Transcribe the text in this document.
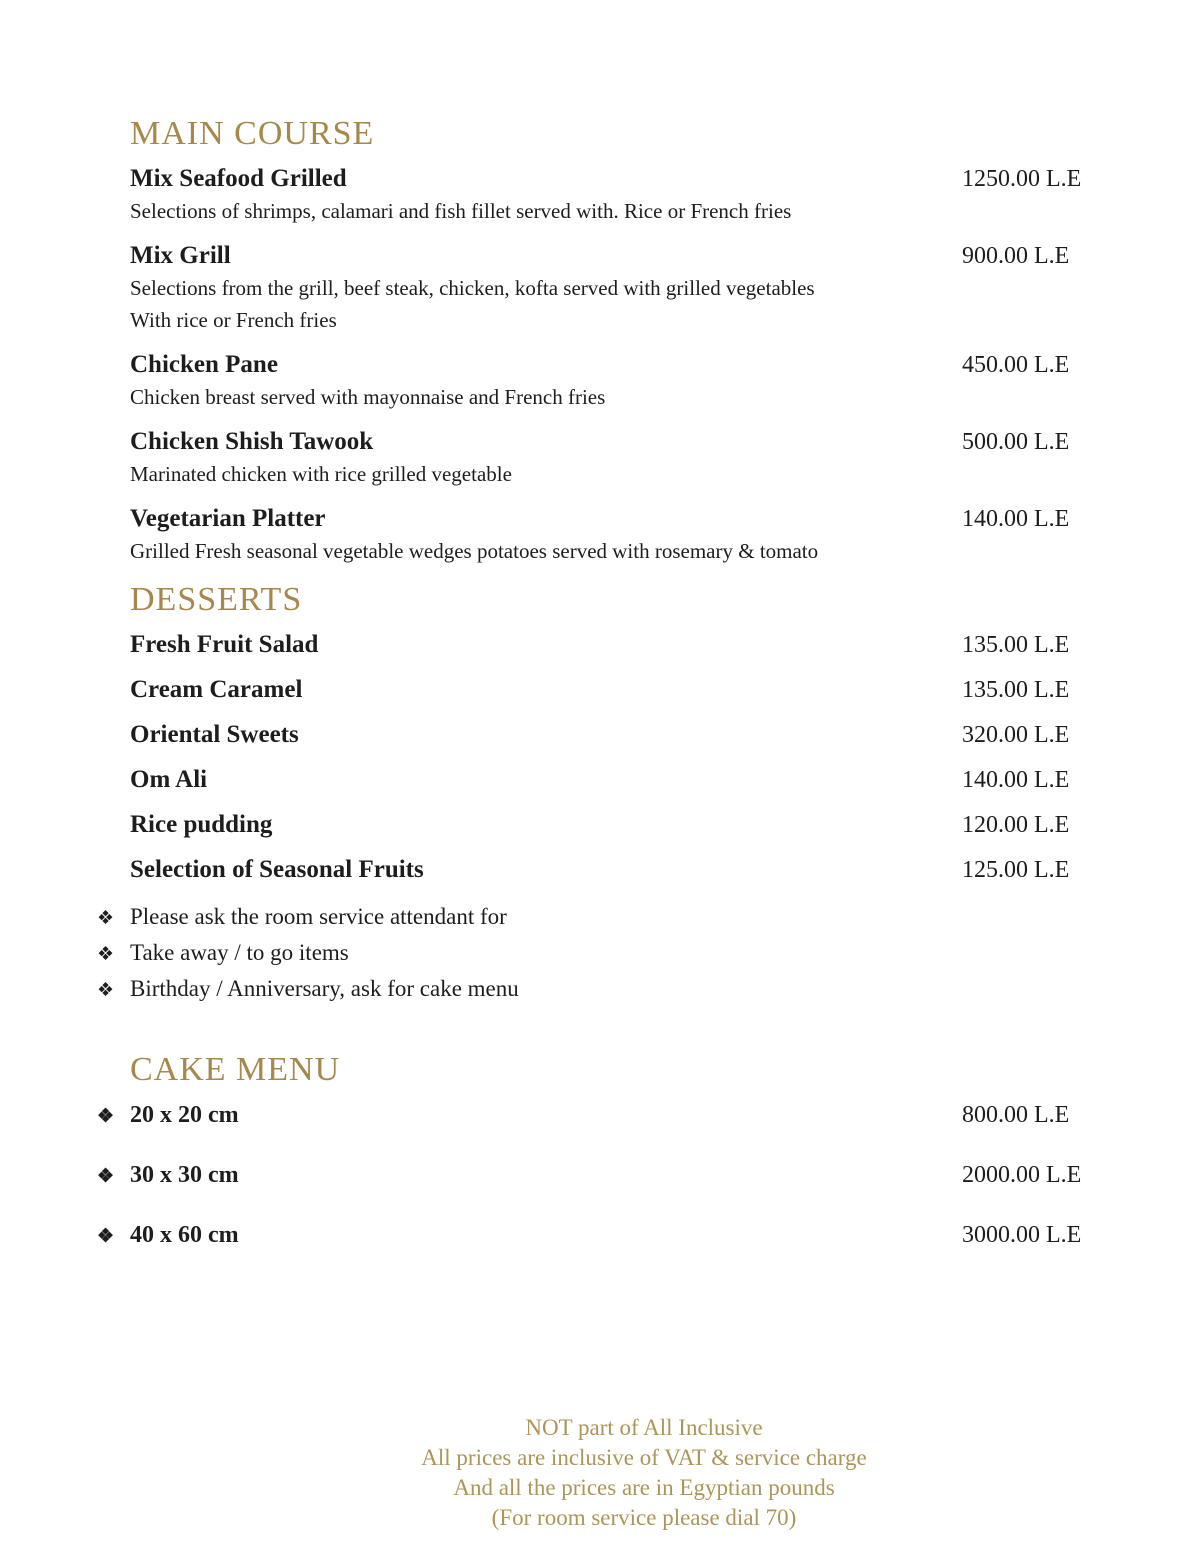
MAIN COURSE
Mix Seafood Grilled	1250.00 L.E
Selections of shrimps, calamari and fish fillet served with. Rice or French fries
Mix Grill	900.00 L.E
Selections from the grill, beef steak, chicken, kofta served with grilled vegetables
With rice or French fries
Chicken Pane	450.00 L.E
Chicken breast served with mayonnaise and French fries
Chicken Shish Tawook	500.00 L.E
Marinated chicken with rice grilled vegetable
Vegetarian Platter	140.00 L.E
Grilled Fresh seasonal vegetable wedges potatoes served with rosemary & tomato
DESSERTS
Fresh Fruit Salad	135.00 L.E
Cream Caramel	135.00 L.E
Oriental Sweets	320.00 L.E
Om Ali	140.00 L.E
Rice pudding	120.00 L.E
Selection of Seasonal Fruits	125.00 L.E
❖ Please ask the room service attendant for
❖ Take away / to go items
❖ Birthday / Anniversary, ask for cake menu
CAKE MENU
❖ 20 x 20 cm	800.00 L.E
❖ 30 x 30 cm	2000.00 L.E
❖ 40 x 60 cm	3000.00 L.E
NOT part of All Inclusive
All prices are inclusive of VAT & service charge
And all the prices are in Egyptian pounds
(For room service please dial 70)
